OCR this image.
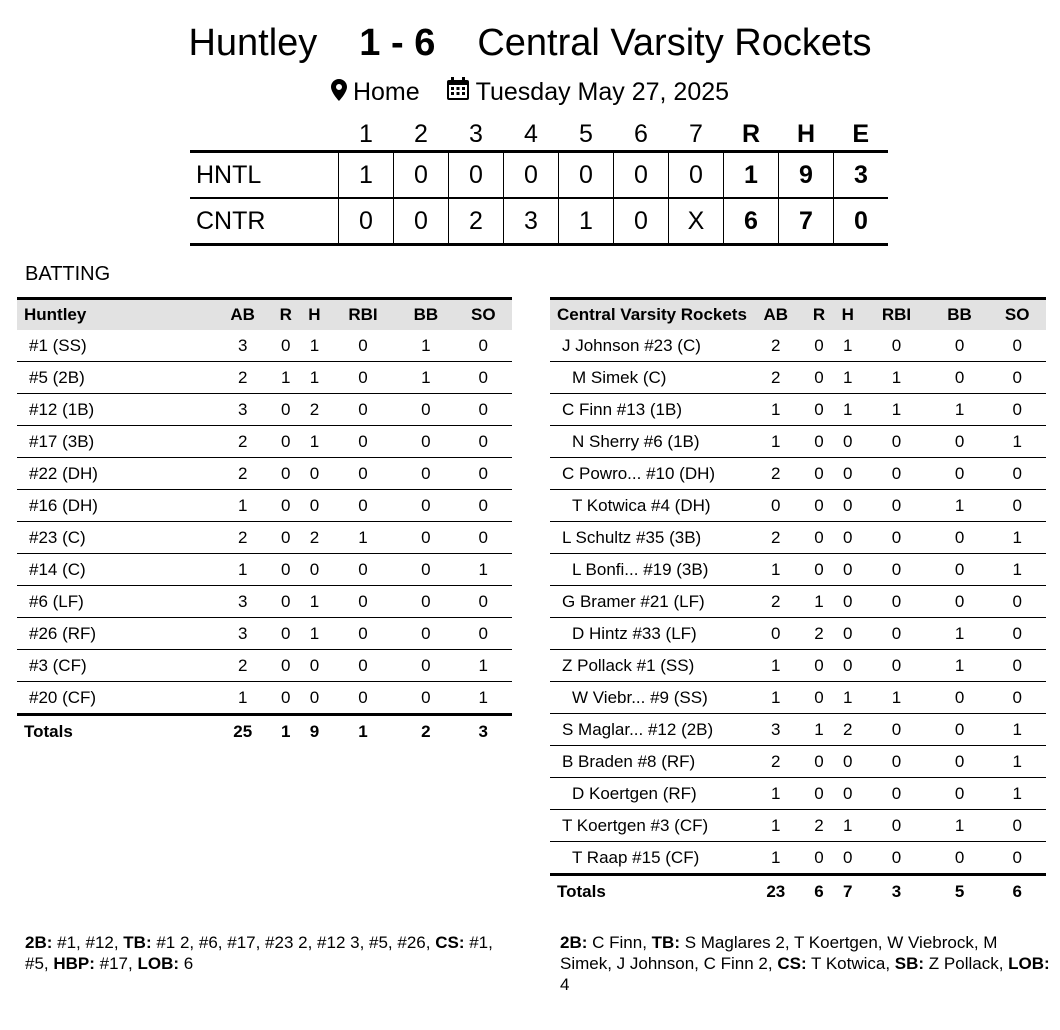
Huntley 1 - 6 Central Varsity Rockets
Home Tuesday May 27, 2025
	1	2	3	4	5	6	7	R	H	E
HNTL	1	0	0	0	0	0	0	1	9	3
CNTR	0	0	2	3	1	0	X	6	7	0
BATTING
Huntley	AB	R	H	RBI	BB	SO
#1 (SS)	3	0	1	0	1	0
#5 (2B)	2	1	1	0	1	0
#12 (1B)	3	0	2	0	0	0
#17 (3B)	2	0	1	0	0	0
#22 (DH)	2	0	0	0	0	0
#16 (DH)	1	0	0	0	0	0
#23 (C)	2	0	2	1	0	0
#14 (C)	1	0	0	0	0	1
#6 (LF)	3	0	1	0	0	0
#26 (RF)	3	0	1	0	0	0
#3 (CF)	2	0	0	0	0	1
#20 (CF)	1	0	0	0	0	1
Totals	25	1	9	1	2	3
Central Varsity Rockets	AB	R	H	RBI	BB	SO
J Johnson #23 (C)	2	0	1	0	0	0
M Simek (C)	2	0	1	1	0	0
C Finn #13 (1B)	1	0	1	1	1	0
N Sherry #6 (1B)	1	0	0	0	0	1
C Powro... #10 (DH)	2	0	0	0	0	0
T Kotwica #4 (DH)	0	0	0	0	1	0
L Schultz #35 (3B)	2	0	0	0	0	1
L Bonfi... #19 (3B)	1	0	0	0	0	1
G Bramer #21 (LF)	2	1	0	0	0	0
D Hintz #33 (LF)	0	2	0	0	1	0
Z Pollack #1 (SS)	1	0	0	0	1	0
W Viebr... #9 (SS)	1	0	1	1	0	0
S Maglar... #12 (2B)	3	1	2	0	0	1
B Braden #8 (RF)	2	0	0	0	0	1
D Koertgen (RF)	1	0	0	0	0	1
T Koertgen #3 (CF)	1	2	1	0	1	0
T Raap #15 (CF)	1	0	0	0	0	0
Totals	23	6	7	3	5	6
2B: #1, #12, TB: #1 2, #6, #17, #23 2, #12 3, #5, #26, CS: #1, #5, HBP: #17, LOB: 6
2B: C Finn, TB: S Maglares 2, T Koertgen, W Viebrock, M Simek, J Johnson, C Finn 2, CS: T Kotwica, SB: Z Pollack, LOB: 4
